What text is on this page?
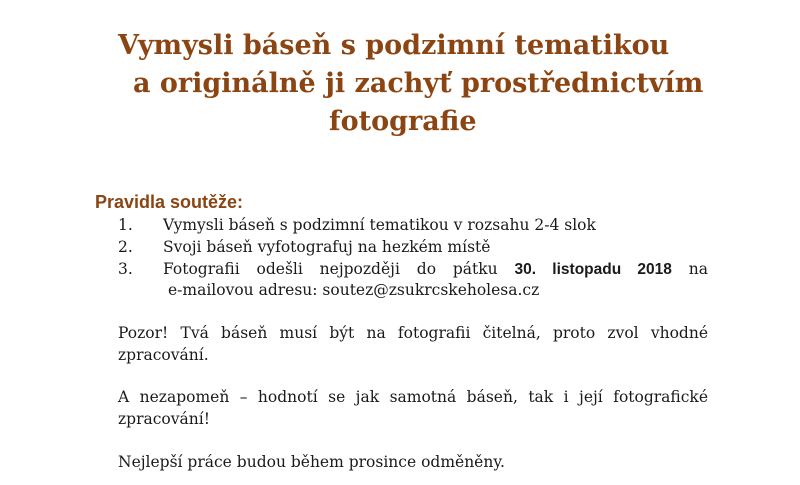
Vymysli báseň s podzimní tematikou
a originálně ji zachyť prostřednictvím
fotografie
Pravidla soutěže:
1. Vymysli báseň s podzimní tematikou v rozsahu 2-4 slok
2. Svoji báseň vyfotografuj na hezkém místě
3. Fotografii odešli nejpozději do pátku 30. listopadu 2018 na
e-mailovou adresu: soutez@zsukrcskeholesa.cz
Pozor! Tvá báseň musí být na fotografii čitelná, proto zvol vhodné zpracování.
A nezapomeň – hodnotí se jak samotná báseň, tak i její fotografické zpracování!
Nejlepší práce budou během prosince odměněny.
